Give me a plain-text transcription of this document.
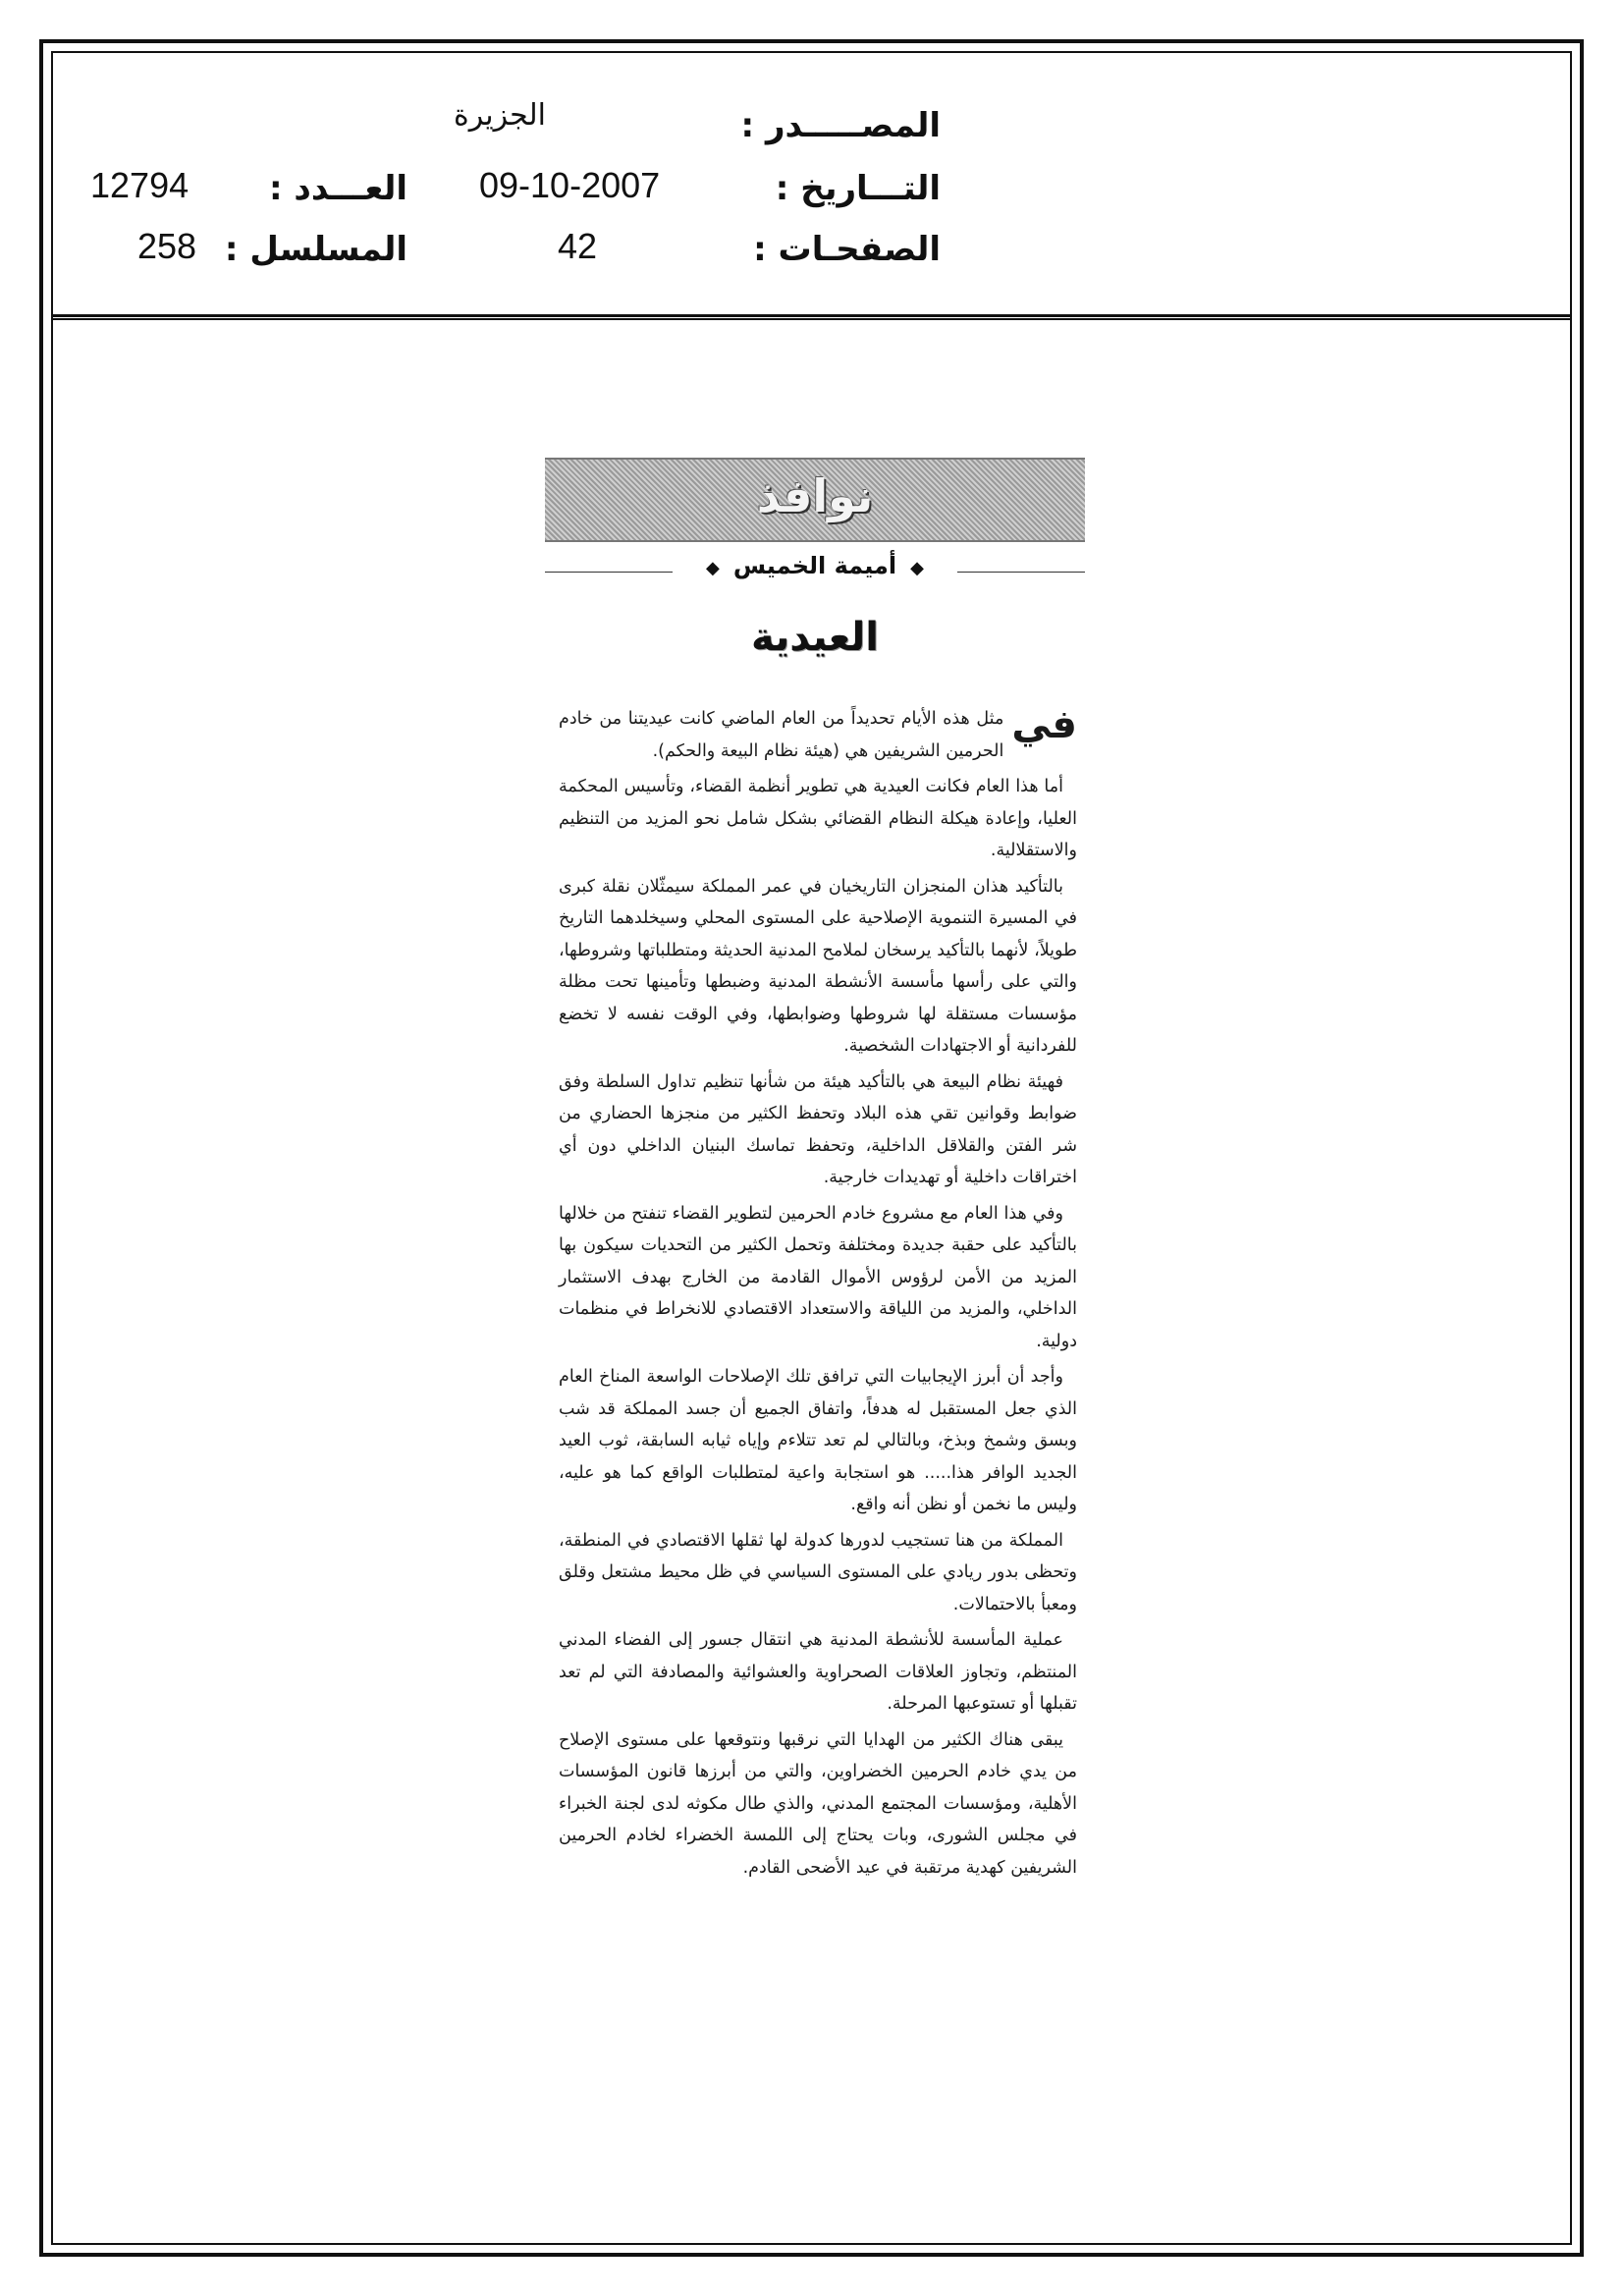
المصـــــدر :
الجزيرة
التـــاريخ :
09-10-2007
العـــدد :
12794
الصفحـات :
42
المسلسل :
258
نوافذ
◆أميمة الخميس◆
العيدية

في
مثل هذه الأيام تحديداً من العام الماضي كانت عيديتنا من خادم الحرمين الشريفين هي (هيئة نظام البيعة والحكم).

أما هذا العام فكانت العيدية هي تطوير أنظمة القضاء، وتأسيس المحكمة العليا، وإعادة هيكلة النظام القضائي بشكل شامل نحو المزيد من التنظيم والاستقلالية.

بالتأكيد هذان المنجزان التاريخيان في عمر المملكة سيمثّلان نقلة كبرى في المسيرة التنموية الإصلاحية على المستوى المحلي وسيخلدهما التاريخ طويلاً، لأنهما بالتأكيد يرسخان لملامح المدنية الحديثة ومتطلباتها وشروطها، والتي على رأسها مأسسة الأنشطة المدنية وضبطها وتأمينها تحت مظلة مؤسسات مستقلة لها شروطها وضوابطها، وفي الوقت نفسه لا تخضع للفردانية أو الاجتهادات الشخصية.

فهيئة نظام البيعة هي بالتأكيد هيئة من شأنها تنظيم تداول السلطة وفق ضوابط وقوانين تقي هذه البلاد وتحفظ الكثير من منجزها الحضاري من شر الفتن والقلاقل الداخلية، وتحفظ تماسك البنيان الداخلي دون أي اختراقات داخلية أو تهديدات خارجية.

وفي هذا العام مع مشروع خادم الحرمين لتطوير القضاء تنفتح من خلالها بالتأكيد على حقبة جديدة ومختلفة وتحمل الكثير من التحديات سيكون بها المزيد من الأمن لرؤوس الأموال القادمة من الخارج بهدف الاستثمار الداخلي، والمزيد من اللياقة والاستعداد الاقتصادي للانخراط في منظمات دولية.

وأجد أن أبرز الإيجابيات التي ترافق تلك الإصلاحات الواسعة المناخ العام الذي جعل المستقبل له هدفاً، واتفاق الجميع أن جسد المملكة قد شب وبسق وشمخ وبذخ، وبالتالي لم تعد تتلاءم وإياه ثيابه السابقة، ثوب العيد الجديد الوافر هذا..... هو استجابة واعية لمتطلبات الواقع كما هو عليه، وليس ما نخمن أو نظن أنه واقع.

المملكة من هنا تستجيب لدورها كدولة لها ثقلها الاقتصادي في المنطقة، وتحظى بدور ريادي على المستوى السياسي في ظل محيط مشتعل وقلق ومعبأ بالاحتمالات.

عملية المأسسة للأنشطة المدنية هي انتقال جسور إلى الفضاء المدني المنتظم، وتجاوز العلاقات الصحراوية والعشوائية والمصادفة التي لم تعد تقبلها أو تستوعبها المرحلة.

يبقى هناك الكثير من الهدايا التي نرقبها ونتوقعها على مستوى الإصلاح من يدي خادم الحرمين الخضراوين، والتي من أبرزها قانون المؤسسات الأهلية، ومؤسسات المجتمع المدني، والذي طال مكوثه لدى لجنة الخبراء في مجلس الشورى، وبات يحتاج إلى اللمسة الخضراء لخادم الحرمين الشريفين كهدية مرتقبة في عيد الأضحى القادم.
